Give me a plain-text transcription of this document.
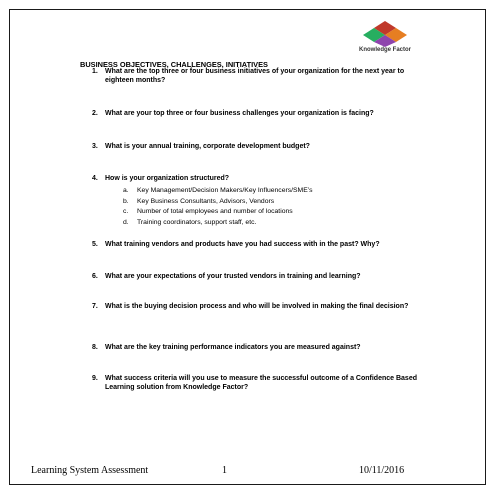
Knowledge Factor
BUSINESS OBJECTIVES, CHALLENGES, INITIATIVES
1. What are the top three or four business initiatives of your organization for the next year to eighteen months?
2. What are your top three or four business challenges your organization is facing?
3. What is your annual training, corporate development budget?
4. How is your organization structured?
a. Key Management/Decision Makers/Key Influencers/SME’s
b. Key Business Consultants, Advisors, Vendors
c. Number of total employees and number of locations
d. Training coordinators, support staff, etc.
5. What training vendors and products have you had success with in the past? Why?
6. What are your expectations of your trusted vendors in training and learning?
7. What is the buying decision process and who will be involved in making the final decision?
8. What are the key training performance indicators you are measured against?
9. What success criteria will you use to measure the successful outcome of a Confidence Based Learning solution from Knowledge Factor?
Learning System Assessment	1	10/11/2016
